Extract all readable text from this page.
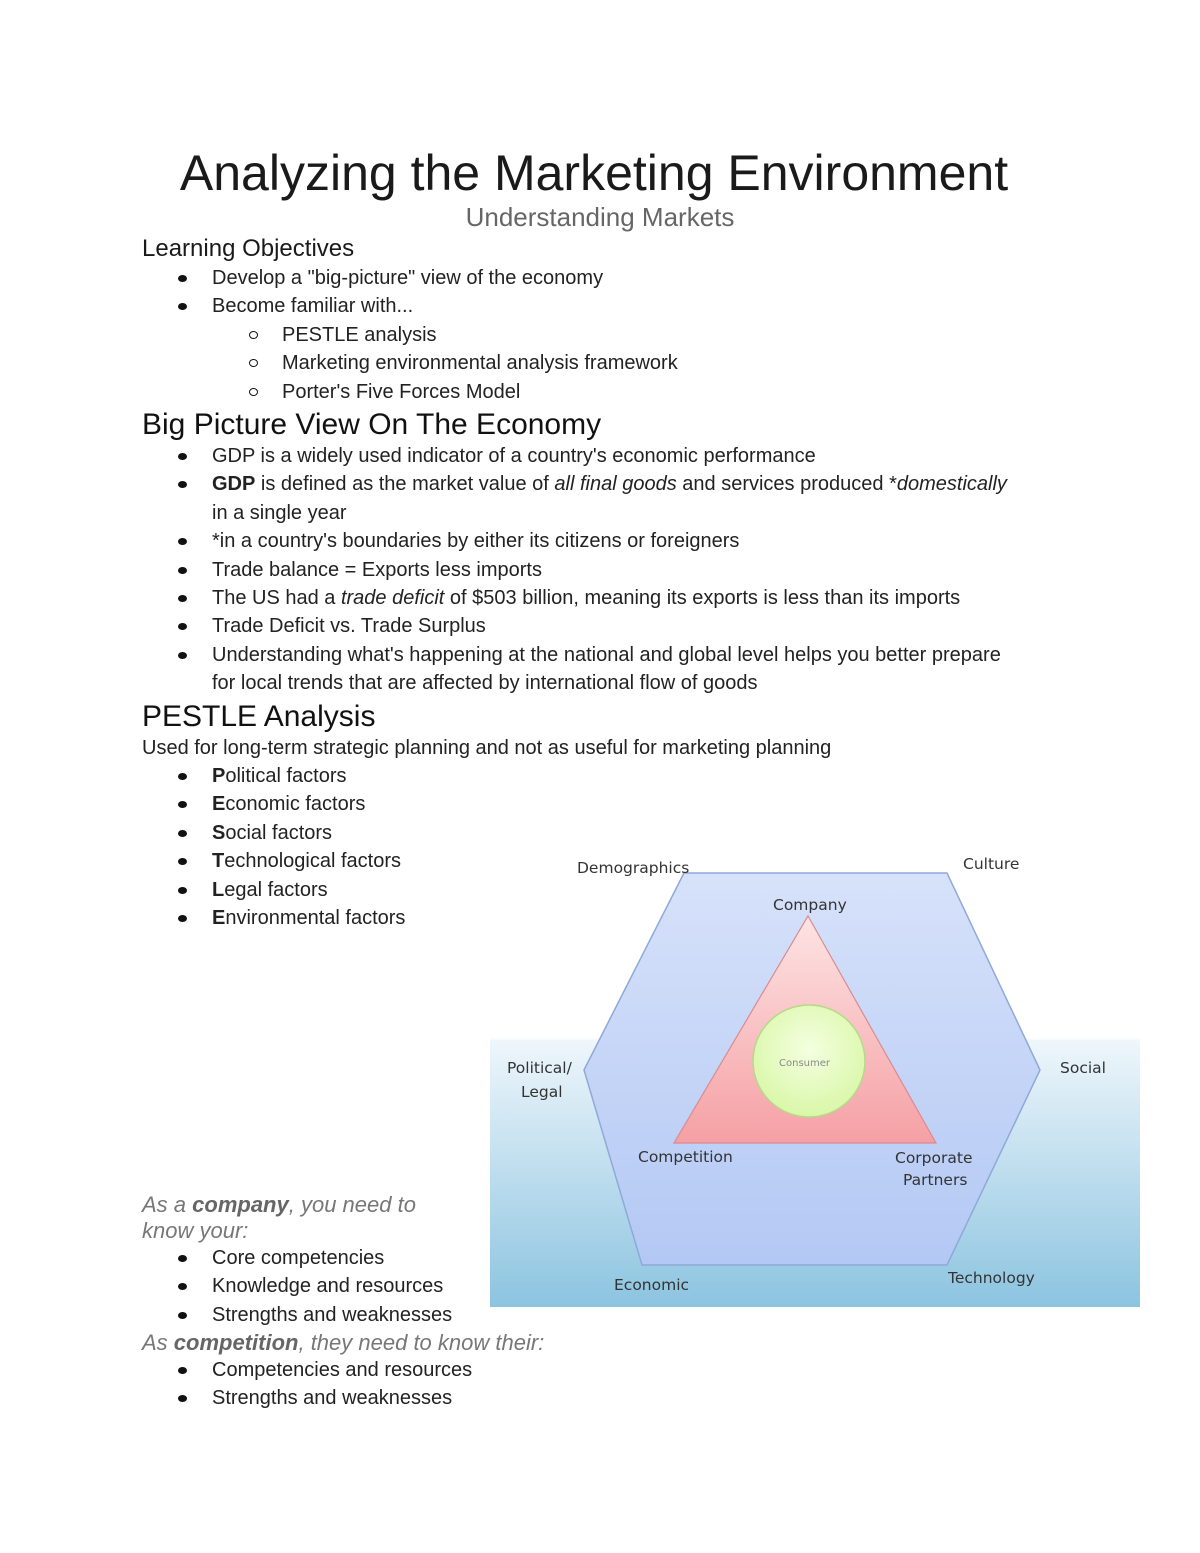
Analyzing the Marketing Environment
Understanding Markets
Learning Objectives
Develop a "big-picture" view of the economy
Become familiar with...
PESTLE analysis
Marketing environmental analysis framework
Porter's Five Forces Model
Big Picture View On The Economy
GDP is a widely used indicator of a country's economic performance
GDP is defined as the market value of all final goods and services produced *domestically in a single year
*in a country's boundaries by either its citizens or foreigners
Trade balance = Exports less imports
The US had a trade deficit of $503 billion, meaning its exports is less than its imports
Trade Deficit vs. Trade Surplus
Understanding what's happening at the national and global level helps you better prepare for local trends that are affected by international flow of goods
PESTLE Analysis
Used for long-term strategic planning and not as useful for marketing planning
Political factors
Economic factors
Social factors
Technological factors
Legal factors
Environmental factors
Demographics	Culture
Political/
Legal
Social
Economic	Technology
Company
Competition	Corporate
Partners
Consumer
As a company, you need to
know your:
Core competencies
Knowledge and resources
Strengths and weaknesses
As competition, they need to know their:
Competencies and resources
Strengths and weaknesses
